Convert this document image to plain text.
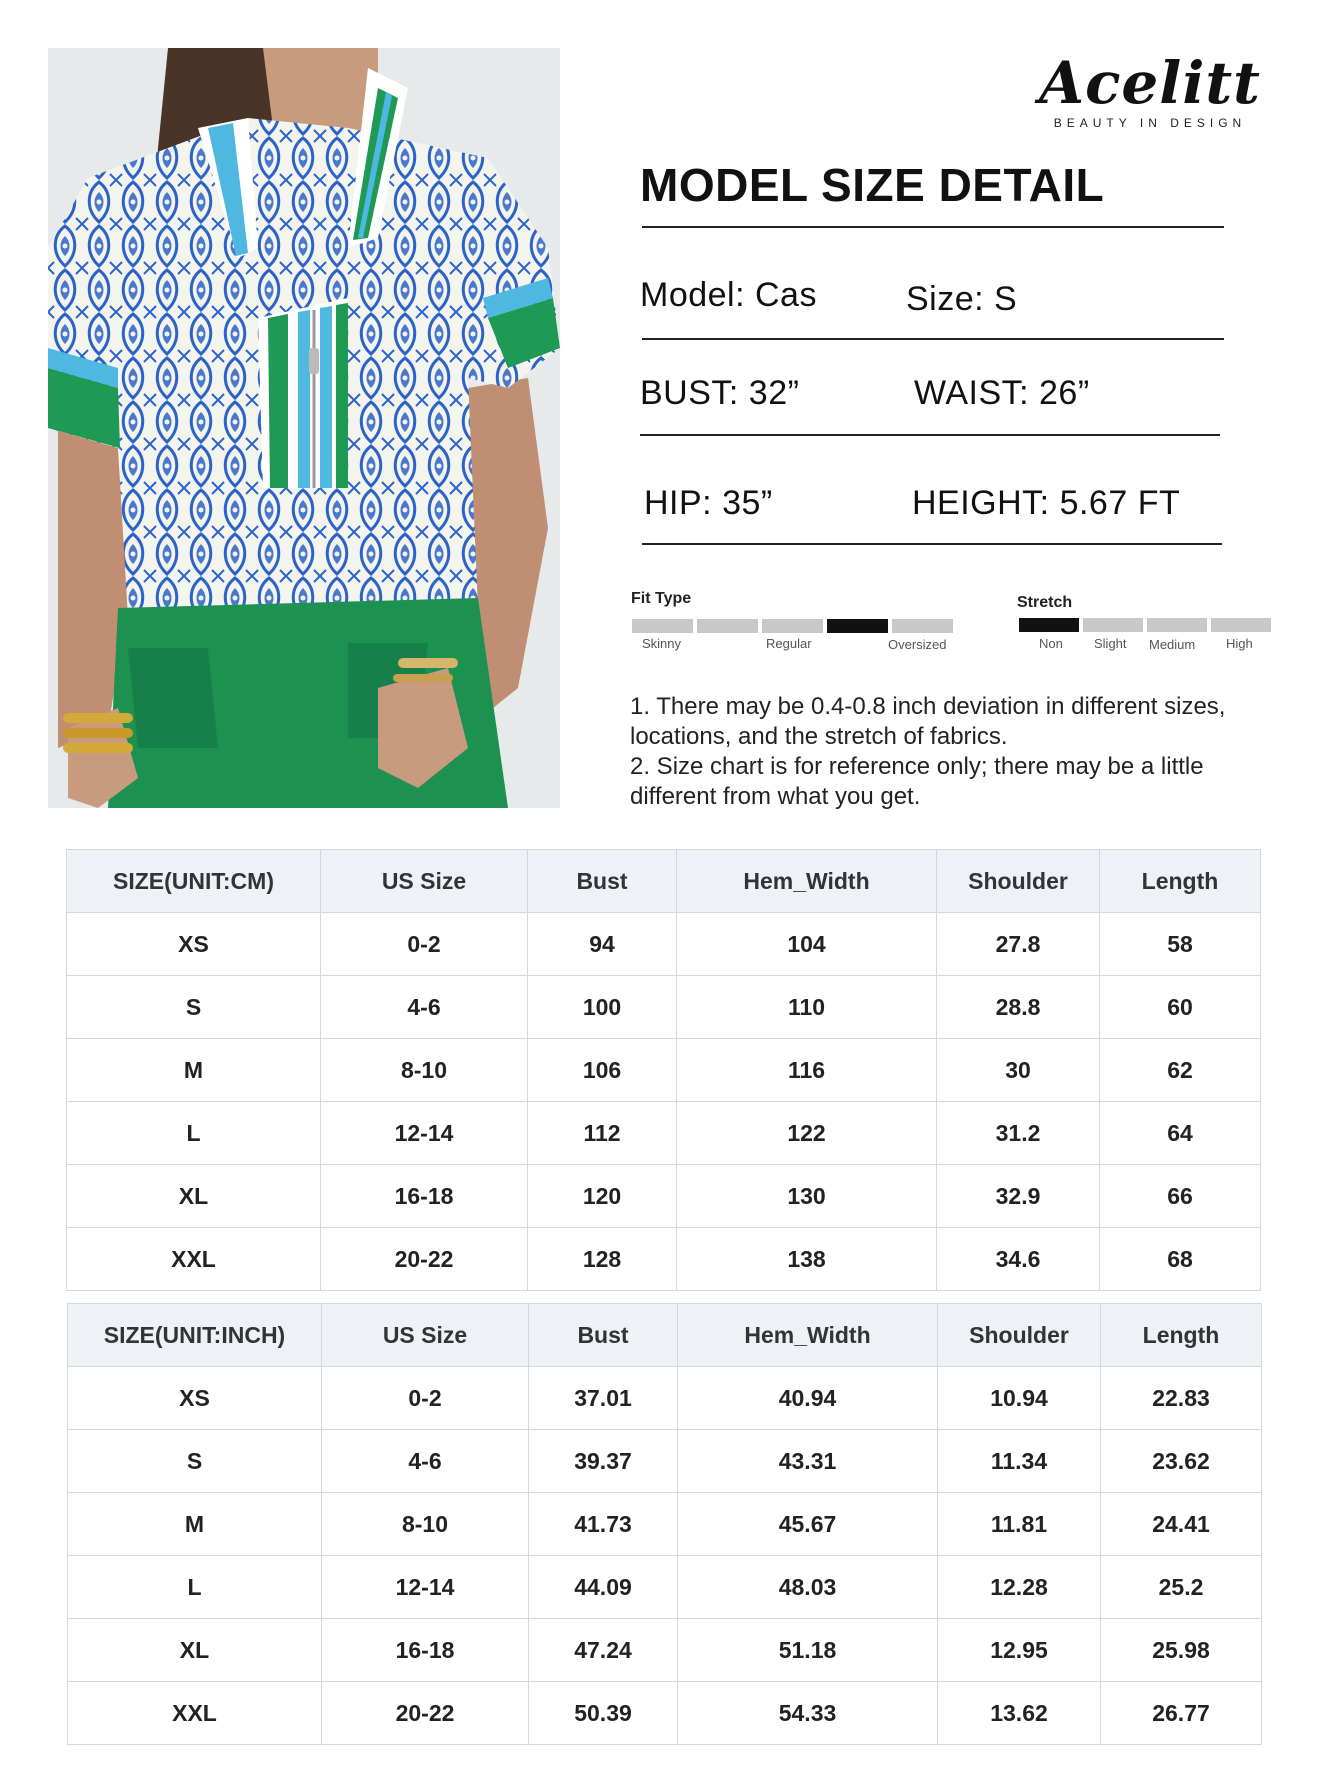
Acelitt
BEAUTY IN DESIGN
MODEL SIZE DETAIL
Model: Cas	Size: S
BUST: 32”	WAIST: 26”
HIP: 35”	HEIGHT: 5.67 FT
Fit Type
Skinny	Regular	Oversized
Stretch
Non Slight Medium High
1. There may be 0.4-0.8 inch deviation in different sizes, locations, and the stretch of fabrics.
2. Size chart is for reference only; there may be a little different from what you get.
SIZE(UNIT:CM)	US Size	Bust	Hem_Width	Shoulder	Length
XS	0-2	94	104	27.8	58
S	4-6	100	110	28.8	60
M	8-10	106	116	30	62
L	12-14	112	122	31.2	64
XL	16-18	120	130	32.9	66
XXL	20-22	128	138	34.6	68
SIZE(UNIT:INCH)	US Size	Bust	Hem_Width	Shoulder	Length
XS	0-2	37.01	40.94	10.94	22.83
S	4-6	39.37	43.31	11.34	23.62
M	8-10	41.73	45.67	11.81	24.41
L	12-14	44.09	48.03	12.28	25.2
XL	16-18	47.24	51.18	12.95	25.98
XXL	20-22	50.39	54.33	13.62	26.77
